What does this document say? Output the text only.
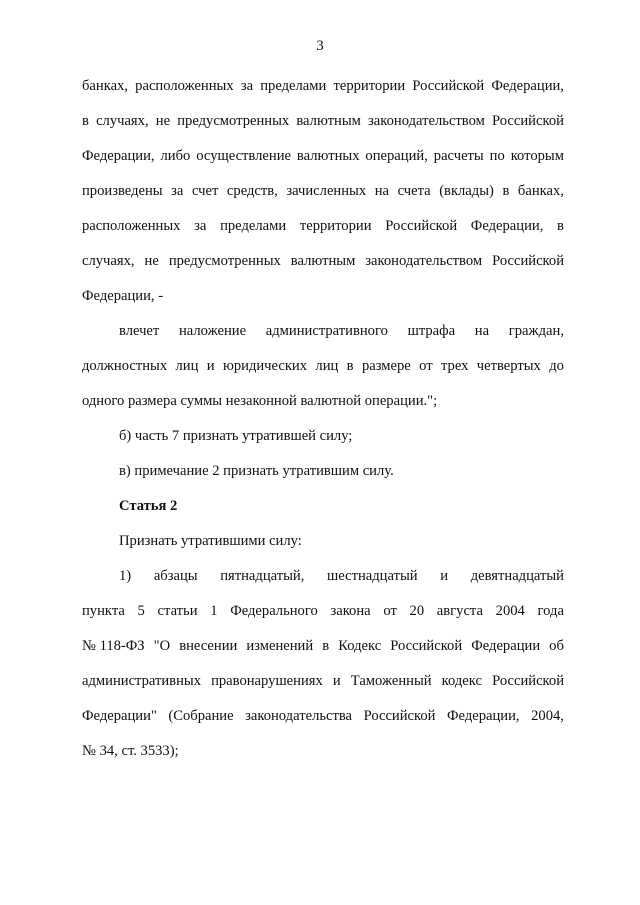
3
банках, расположенных за пределами территории Российской Федерации,
в случаях, не предусмотренных валютным законодательством Российской
Федерации, либо осуществление валютных операций, расчеты по которым
произведены за счет средств, зачисленных на счета (вклады) в банках,
расположенных за пределами территории Российской Федерации, в
случаях, не предусмотренных валютным законодательством Российской
Федерации, -
влечет наложение административного штрафа на граждан,
должностных лиц и юридических лиц в размере от трех четвертых до
одного размера суммы незаконной валютной операции.";
б) часть 7 признать утратившей силу;
в) примечание 2 признать утратившим силу.
Статья 2
Признать утратившими силу:
1) абзацы пятнадцатый, шестнадцатый и девятнадцатый
пункта 5 статьи 1 Федерального закона от 20 августа 2004 года
№ 118-ФЗ "О внесении изменений в Кодекс Российской Федерации об
административных правонарушениях и Таможенный кодекс Российской
Федерации" (Собрание законодательства Российской Федерации, 2004,
№ 34, ст. 3533);
